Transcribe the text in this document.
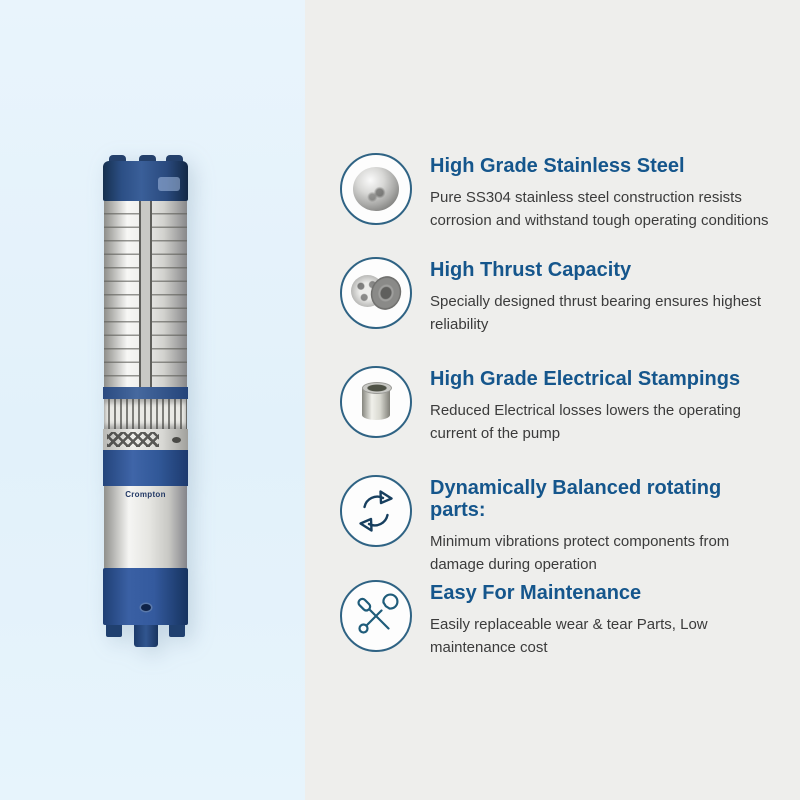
Crompton
High Grade Stainless Steel

Pure SS304 stainless steel construction resists corrosion and withstand tough operating conditions

High Thrust Capacity

Specially designed thrust bearing ensures highest reliability

High Grade Electrical Stampings

Reduced Electrical losses lowers the operating current of the pump

Dynamically Balanced rotating parts:

Minimum vibrations protect components from damage during operation

Easy For Maintenance

Easily replaceable wear & tear Parts, Low maintenance cost
